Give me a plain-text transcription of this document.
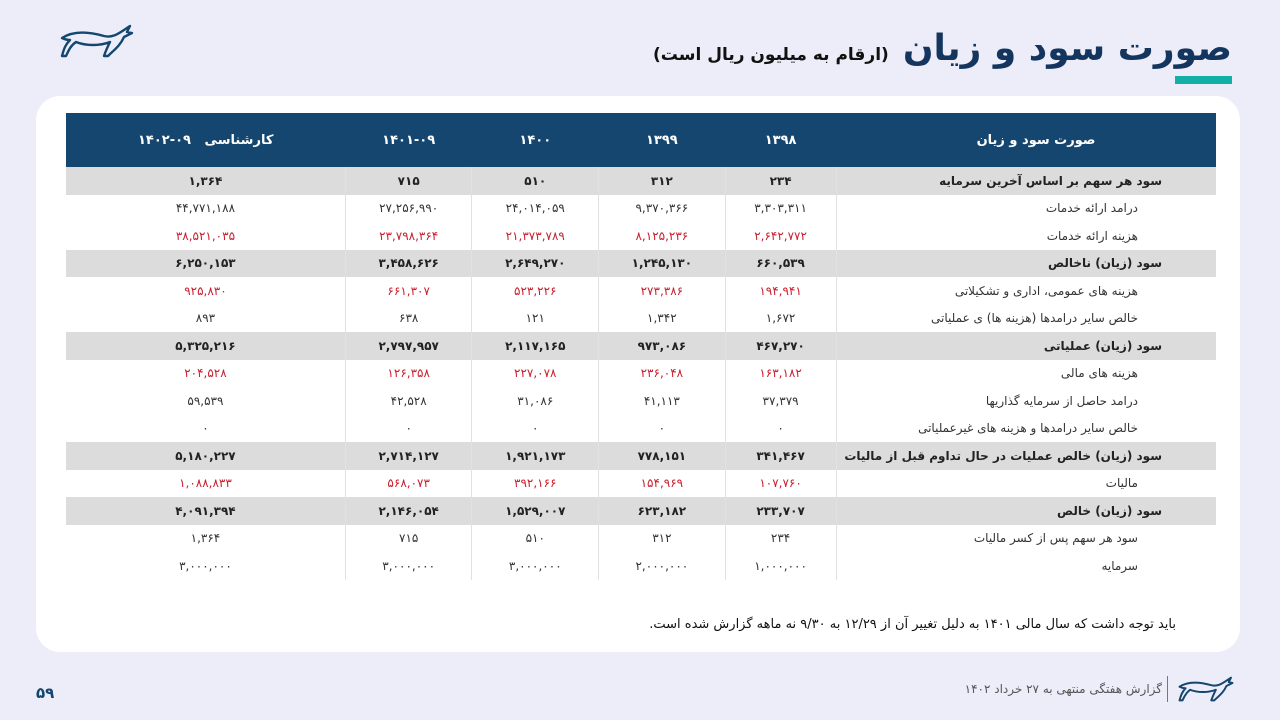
صورت سود و زیان
(ارقام به میلیون ریال است)
صورت سود و زیان	۱۳۹۸	۱۳۹۹	۱۴۰۰	۱۴۰۱-۰۹	کارشناسی   ۰۹-۱۴۰۲
سود هر سهم بر اساس آخرین سرمایه	۲۳۴	۳۱۲	۵۱۰	۷۱۵	۱,۳۶۴
درامد ارائه خدمات	۳,۳۰۳,۳۱۱	۹,۳۷۰,۳۶۶	۲۴,۰۱۴,۰۵۹	۲۷,۲۵۶,۹۹۰	۴۴,۷۷۱,۱۸۸
هزینه ارائه خدمات	۲,۶۴۲,۷۷۲	۸,۱۲۵,۲۳۶	۲۱,۳۷۳,۷۸۹	۲۳,۷۹۸,۳۶۴	۳۸,۵۲۱,۰۳۵
سود (زیان) ناخالص	۶۶۰,۵۳۹	۱,۲۴۵,۱۳۰	۲,۶۴۹,۲۷۰	۳,۴۵۸,۶۲۶	۶,۲۵۰,۱۵۳
هزینه های عمومی، اداری و تشکیلاتی	۱۹۴,۹۴۱	۲۷۳,۳۸۶	۵۲۳,۲۲۶	۶۶۱,۳۰۷	۹۲۵,۸۳۰
خالص سایر درامدها (هزینه ها) ی عملیاتی	۱,۶۷۲	۱,۳۴۲	۱۲۱	۶۳۸	۸۹۳
سود (زیان) عملیاتی	۴۶۷,۲۷۰	۹۷۳,۰۸۶	۲,۱۱۷,۱۶۵	۲,۷۹۷,۹۵۷	۵,۳۲۵,۲۱۶
هزینه های مالی	۱۶۳,۱۸۲	۲۳۶,۰۴۸	۲۲۷,۰۷۸	۱۲۶,۳۵۸	۲۰۴,۵۲۸
درامد حاصل از سرمایه گذاریها	۳۷,۳۷۹	۴۱,۱۱۳	۳۱,۰۸۶	۴۲,۵۲۸	۵۹,۵۳۹
خالص سایر درامدها و هزینه های غیرعملیاتی	۰	۰	۰	۰	۰
سود (زیان) خالص عملیات در حال تداوم قبل از مالیات	۳۴۱,۴۶۷	۷۷۸,۱۵۱	۱,۹۲۱,۱۷۳	۲,۷۱۴,۱۲۷	۵,۱۸۰,۲۲۷
مالیات	۱۰۷,۷۶۰	۱۵۴,۹۶۹	۳۹۲,۱۶۶	۵۶۸,۰۷۳	۱,۰۸۸,۸۳۳
سود (زیان) خالص	۲۳۳,۷۰۷	۶۲۳,۱۸۲	۱,۵۲۹,۰۰۷	۲,۱۴۶,۰۵۴	۴,۰۹۱,۳۹۴
سود هر سهم پس از کسر مالیات	۲۳۴	۳۱۲	۵۱۰	۷۱۵	۱,۳۶۴
سرمایه	۱,۰۰۰,۰۰۰	۲,۰۰۰,۰۰۰	۳,۰۰۰,۰۰۰	۳,۰۰۰,۰۰۰	۳,۰۰۰,۰۰۰
باید توجه داشت که سال مالی ۱۴۰۱ به دلیل تغییر آن از ۱۲/۲۹ به ۹/۳۰ نه ماهه گزارش شده است.
۵۹	گزارش هفتگی منتهی به ۲۷ خرداد ۱۴۰۲
